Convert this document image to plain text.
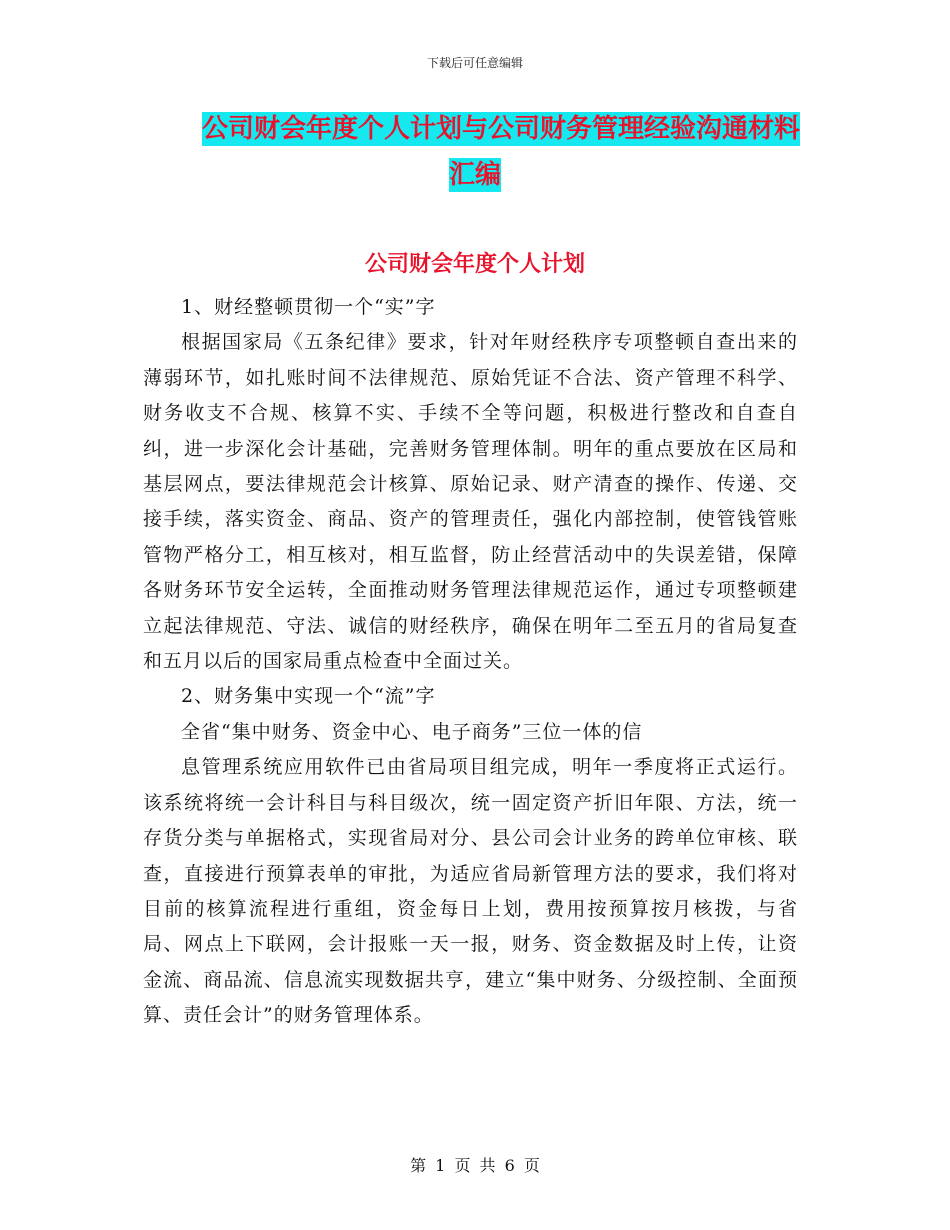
下载后可任意编辑
公司财会年度个人计划与公司财务管理经验沟通材料
汇编
公司财会年度个人计划

1、财经整顿贯彻一个“实”字

根据国家局《五条纪律》要求，针对年财经秩序专项整顿自查出来的薄弱环节，如扎账时间不法律规范、原始凭证不合法、资产管理不科学、财务收支不合规、核算不实、手续不全等问题，积极进行整改和自查自纠，进一步深化会计基础，完善财务管理体制。明年的重点要放在区局和基层网点，要法律规范会计核算、原始记录、财产清查的操作、传递、交接手续，落实资金、商品、资产的管理责任，强化内部控制，使管钱管账管物严格分工，相互核对，相互监督，防止经营活动中的失误差错，保障各财务环节安全运转，全面推动财务管理法律规范运作，通过专项整顿建立起法律规范、守法、诚信的财经秩序，确保在明年二至五月的省局复查和五月以后的国家局重点检查中全面过关。

2、财务集中实现一个“流”字

全省“集中财务、资金中心、电子商务”三位一体的信

息管理系统应用软件已由省局项目组完成，明年一季度将正式运行。该系统将统一会计科目与科目级次，统一固定资产折旧年限、方法，统一存货分类与单据格式，实现省局对分、县公司会计业务的跨单位审核、联查，直接进行预算表单的审批，为适应省局新管理方法的要求，我们将对目前的核算流程进行重组，资金每日上划，费用按预算按月核拨，与省局、网点上下联网，会计报账一天一报，财务、资金数据及时上传，让资金流、商品流、信息流实现数据共亨，建立“集中财务、分级控制、全面预算、责任会计”的财务管理体系。

第 1 页 共 6 页
